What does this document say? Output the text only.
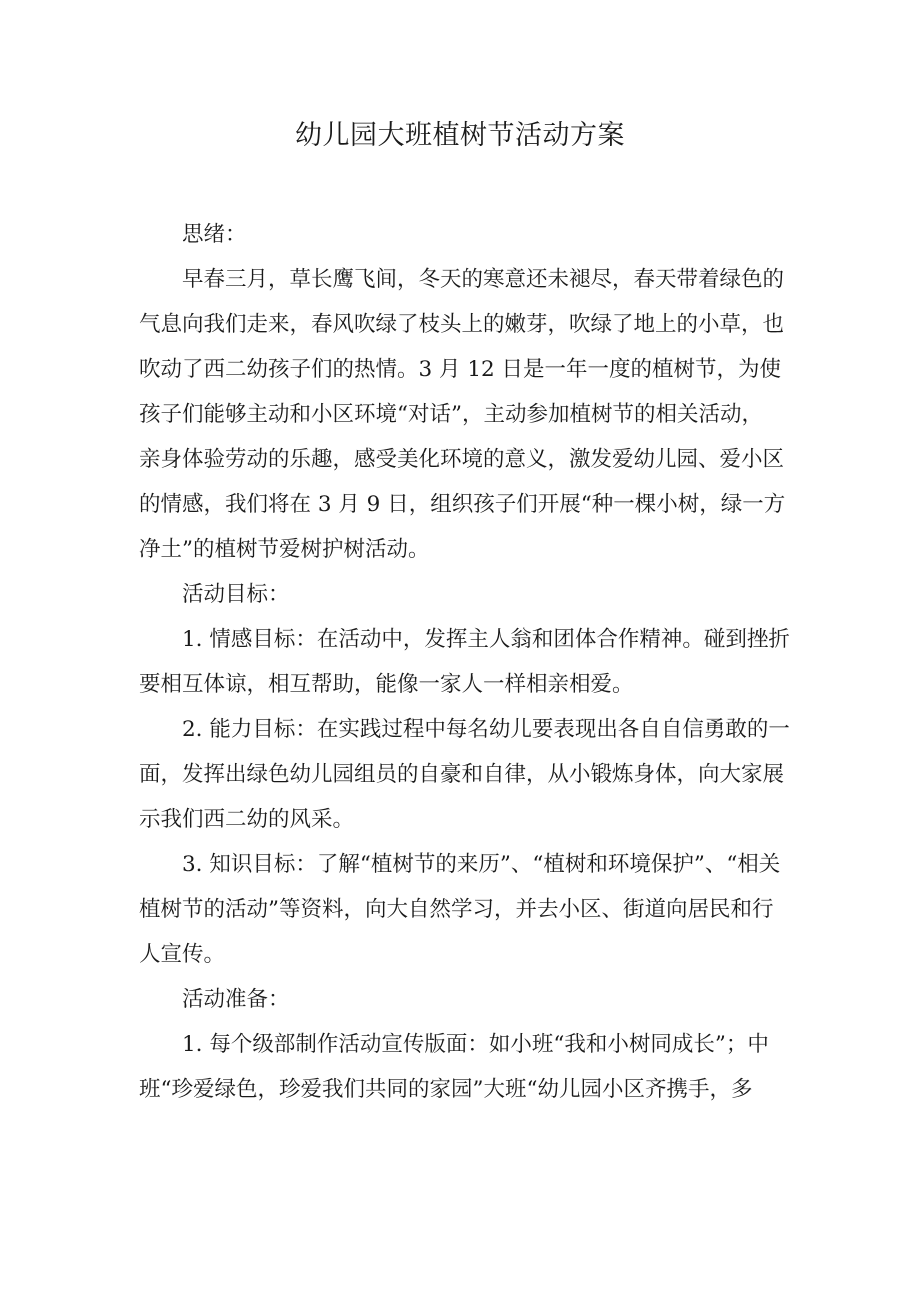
幼儿园大班植树节活动方案
思绪：
早春三月，草长鹰飞间，冬天的寒意还未褪尽，春天带着绿色的
气息向我们走来，春风吹绿了枝头上的嫩芽，吹绿了地上的小草，也
吹动了西二幼孩子们的热情。3 月 12 日是一年一度的植树节，为使
孩子们能够主动和小区环境“对话”，主动参加植树节的相关活动，
亲身体验劳动的乐趣，感受美化环境的意义，激发爱幼儿园、爱小区
的情感，我们将在 3 月 9 日，组织孩子们开展“种一棵小树，绿一方
净土”的植树节爱树护树活动。
活动目标：
1. 情感目标：在活动中，发挥主人翁和团体合作精神。碰到挫折
要相互体谅，相互帮助，能像一家人一样相亲相爱。
2. 能力目标：在实践过程中每名幼儿要表现出各自自信勇敢的一
面，发挥出绿色幼儿园组员的自豪和自律，从小锻炼身体，向大家展
示我们西二幼的风采。
3. 知识目标：了解“植树节的来历”、“植树和环境保护”、“相关
植树节的活动”等资料，向大自然学习，并去小区、街道向居民和行
人宣传。
活动准备：
1. 每个级部制作活动宣传版面：如小班“我和小树同成长”；中
班“珍爱绿色，珍爱我们共同的家园”大班“幼儿园小区齐携手，多
